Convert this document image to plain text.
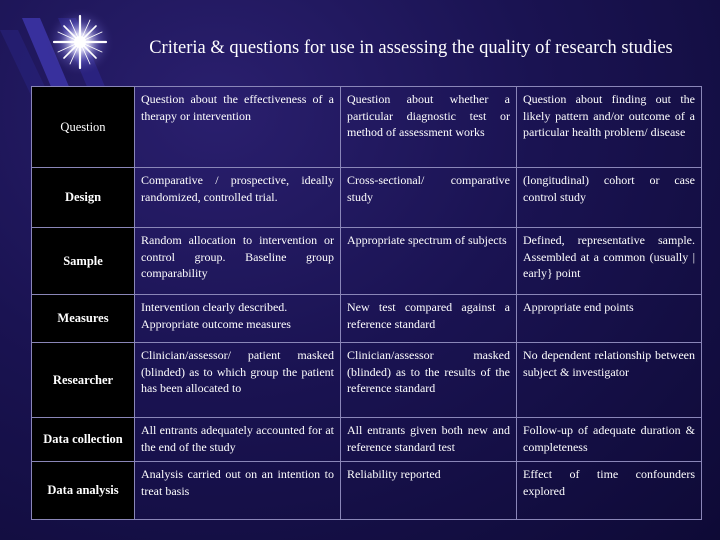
Criteria & questions for use in assessing the quality of research studies
Question	Question about the effectiveness of a therapy or intervention	Question about whether a particular diagnostic test or method of assessment works	Question about finding out the likely pattern and/or outcome of a particular health problem/ disease
Design	Comparative / prospective, ideally randomized, controlled trial.	Cross-sectional/ comparative study	(longitudinal) cohort or case control study
Sample	Random allocation to intervention or control group. Baseline group comparability	Appropriate spectrum of subjects	Defined, representative sample. Assembled at a common (usually | early} point
Measures	Intervention clearly described. Appropriate outcome measures	New test compared against a reference standard	Appropriate end points
Researcher	Clinician/assessor/ patient masked (blinded) as to which group the patient has been allocated to	Clinician/assessor masked (blinded) as to the results of the reference standard	No dependent relationship between subject & investigator
Data collection	All entrants adequately accounted for at the end of the study	All entrants given both new and reference standard test	Follow-up of adequate duration & completeness
Data analysis	Analysis carried out on an intention to treat basis	Reliability reported	Effect of time confounders explored
